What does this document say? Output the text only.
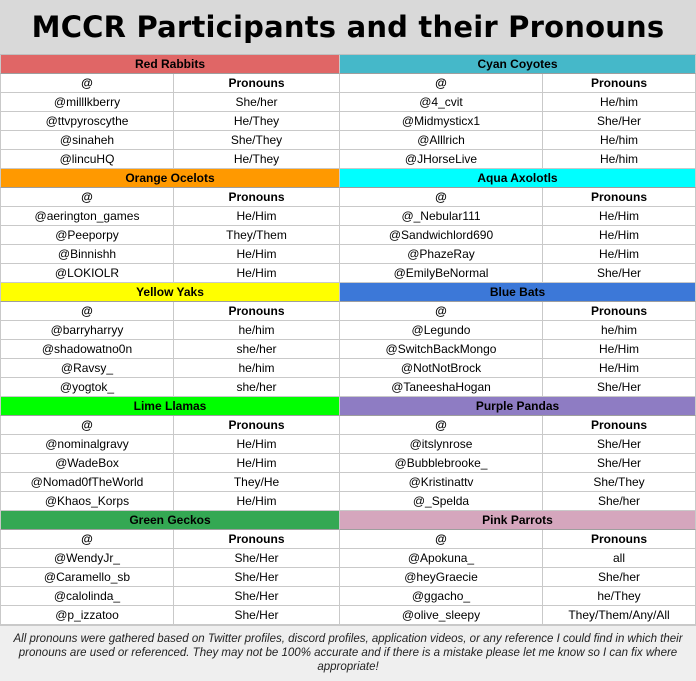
MCCR Participants and their Pronouns
Red Rabbits	Cyan Coyotes
@	Pronouns	@	Pronouns
@milllkberry	She/her	@4_cvit	He/him
@ttvpyroscythe	He/They	@Midmysticx1	She/Her
@sinaheh	She/They	@Alllrich	He/him
@lincuHQ	He/They	@JHorseLive	He/him
Orange Ocelots	Aqua Axolotls
@	Pronouns	@	Pronouns
@aerington_games	He/Him	@_Nebular111	He/Him
@Peeporpy	They/Them	@Sandwichlord690	He/Him
@Binnishh	He/Him	@PhazeRay	He/Him
@LOKIOLR	He/Him	@EmilyBeNormal	She/Her
Yellow Yaks	Blue Bats
@	Pronouns	@	Pronouns
@barryharryy	he/him	@Legundo	he/him
@shadowatno0n	she/her	@SwitchBackMongo	He/Him
@Ravsy_	he/him	@NotNotBrock	He/Him
@yogtok_	she/her	@TaneeshaHogan	She/Her
Lime Llamas	Purple Pandas
@	Pronouns	@	Pronouns
@nominalgravy	He/Him	@itslynrose	She/Her
@WadeBox	He/Him	@Bubblebrooke_	She/Her
@Nomad0fTheWorld	They/He	@Kristinattv	She/They
@Khaos_Korps	He/Him	@_Spelda	She/her
Green Geckos	Pink Parrots
@	Pronouns	@	Pronouns
@WendyJr_	She/Her	@Apokuna_	all
@Caramello_sb	She/Her	@heyGraecie	She/her
@calolinda_	She/Her	@ggacho_	he/They
@p_izzatoo	She/Her	@olive_sleepy	They/Them/Any/All
All pronouns were gathered based on Twitter profiles, discord profiles, application videos, or any reference I could find in which their pronouns are used or referenced. They may not be 100% accurate and if there is a mistake please let me know so I can fix where appropriate!
